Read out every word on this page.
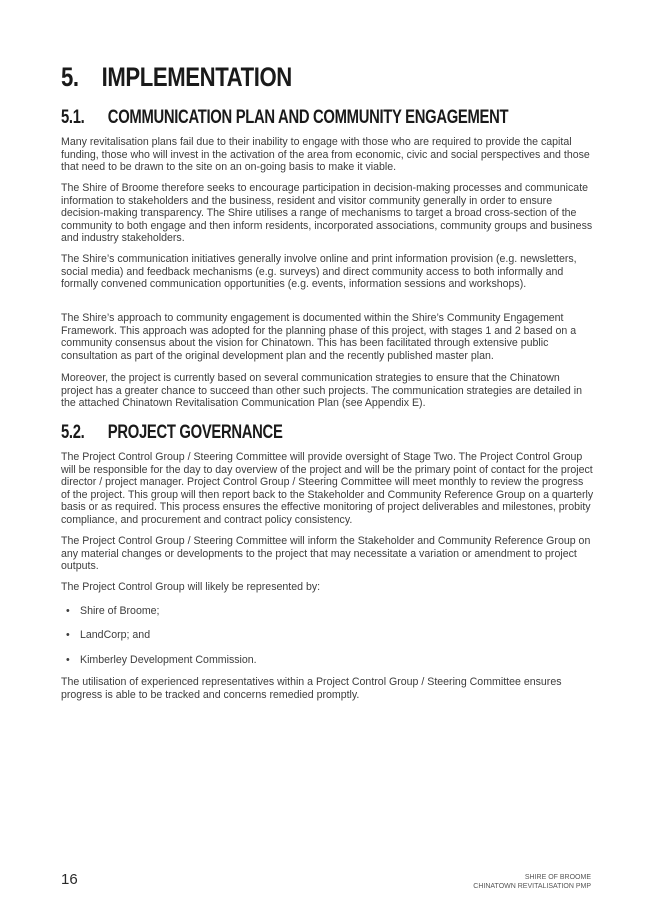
5. IMPLEMENTATION
5.1. COMMUNICATION PLAN AND COMMUNITY ENGAGEMENT

Many revitalisation plans fail due to their inability to engage with those who are required to provide the capital funding, those who will invest in the activation of the area from economic, civic and social perspectives and those that need to be drawn to the site on an on-going basis to make it viable.

The Shire of Broome therefore seeks to encourage participation in decision-making processes and communicate information to stakeholders and the business, resident and visitor community generally in order to ensure decision-making transparency. The Shire utilises a range of mechanisms to target a broad cross-section of the community to both engage and then inform residents, incorporated associations, community groups and business and industry stakeholders.

The Shire’s communication initiatives generally involve online and print information provision (e.g. newsletters, social media) and feedback mechanisms (e.g. surveys) and direct community access to both informally and formally convened communication opportunities (e.g. events, information sessions and workshops).

The Shire’s approach to community engagement is documented within the Shire’s Community Engagement Framework. This approach was adopted for the planning phase of this project, with stages 1 and 2 based on a community consensus about the vision for Chinatown. This has been facilitated through extensive public consultation as part of the original development plan and the recently published master plan.

Moreover, the project is currently based on several communication strategies to ensure that the Chinatown project has a greater chance to succeed than other such projects. The communication strategies are detailed in the attached Chinatown Revitalisation Communication Plan (see Appendix E).

5.2. PROJECT GOVERNANCE

The Project Control Group / Steering Committee will provide oversight of Stage Two. The Project Control Group will be responsible for the day to day overview of the project and will be the primary point of contact for the project director / project manager. Project Control Group / Steering Committee will meet monthly to review the progress of the project. This group will then report back to the Stakeholder and Community Reference Group on a quarterly basis or as required. This process ensures the effective monitoring of project deliverables and milestones, probity compliance, and procurement and contract policy consistency.

The Project Control Group / Steering Committee will inform the Stakeholder and Community Reference Group on any material changes or developments to the project that may necessitate a variation or amendment to project outputs.

The Project Control Group will likely be represented by:

• Shire of Broome;
• LandCorp; and
• Kimberley Development Commission.

The utilisation of experienced representatives within a Project Control Group / Steering Committee ensures progress is able to be tracked and concerns remedied promptly.

16	SHIRE OF BROOME
CHINATOWN REVITALISATION PMP
